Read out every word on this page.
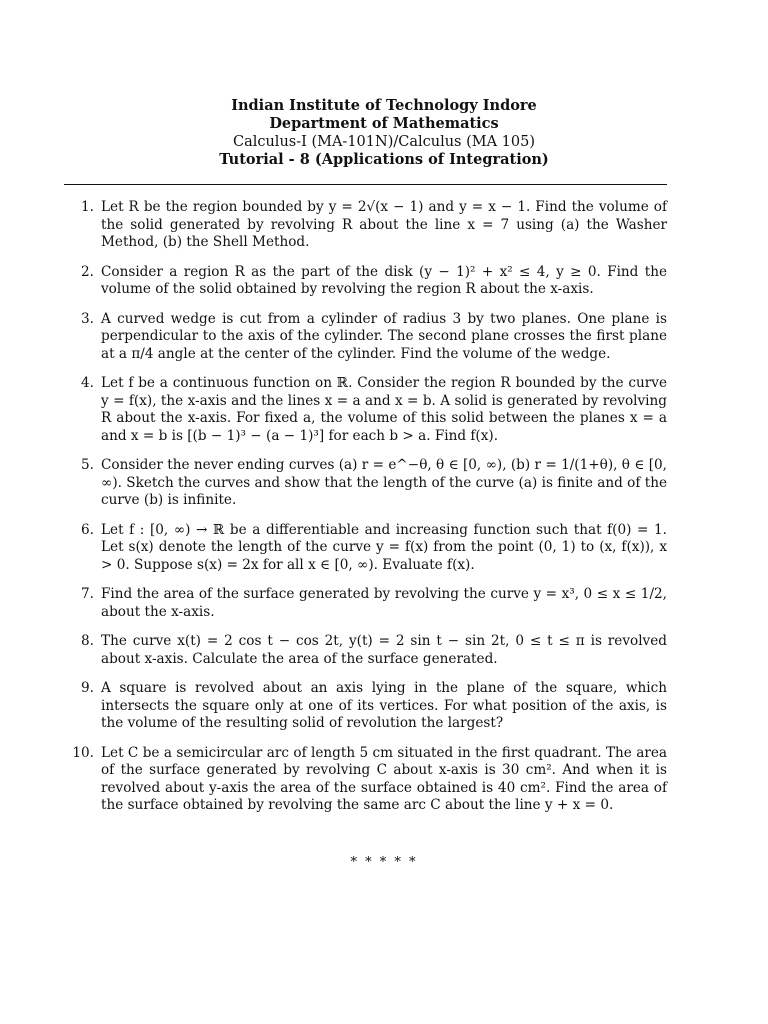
Indian Institute of Technology Indore
Department of Mathematics
Calculus-I (MA-101N)/Calculus (MA 105)
Tutorial - 8 (Applications of Integration)
1. Let R be the region bounded by y = 2√(x − 1) and y = x − 1. Find the volume of the solid generated by revolving R about the line x = 7 using (a) the Washer Method, (b) the Shell Method.
2. Consider a region R as the part of the disk (y − 1)² + x² ≤ 4, y ≥ 0. Find the volume of the solid obtained by revolving the region R about the x-axis.
3. A curved wedge is cut from a cylinder of radius 3 by two planes. One plane is perpendicular to the axis of the cylinder. The second plane crosses the first plane at a π/4 angle at the center of the cylinder. Find the volume of the wedge.
4. Let f be a continuous function on ℝ. Consider the region R bounded by the curve y = f(x), the x-axis and the lines x = a and x = b. A solid is generated by revolving R about the x-axis. For fixed a, the volume of this solid between the planes x = a and x = b is [(b − 1)³ − (a − 1)³] for each b > a. Find f(x).
5. Consider the never ending curves (a) r = e^−θ, θ ∈ [0, ∞), (b) r = 1/(1+θ), θ ∈ [0, ∞). Sketch the curves and show that the length of the curve (a) is finite and of the curve (b) is infinite.
6. Let f : [0, ∞) → ℝ be a differentiable and increasing function such that f(0) = 1. Let s(x) denote the length of the curve y = f(x) from the point (0, 1) to (x, f(x)), x > 0. Suppose s(x) = 2x for all x ∈ [0, ∞). Evaluate f(x).
7. Find the area of the surface generated by revolving the curve y = x³, 0 ≤ x ≤ 1/2, about the x-axis.
8. The curve x(t) = 2 cos t − cos 2t, y(t) = 2 sin t − sin 2t, 0 ≤ t ≤ π is revolved about x-axis. Calculate the area of the surface generated.
9. A square is revolved about an axis lying in the plane of the square, which intersects the square only at one of its vertices. For what position of the axis, is the volume of the resulting solid of revolution the largest?
10. Let C be a semicircular arc of length 5 cm situated in the first quadrant. The area of the surface generated by revolving C about x-axis is 30 cm². And when it is revolved about y-axis the area of the surface obtained is 40 cm². Find the area of the surface obtained by revolving the same arc C about the line y + x = 0.
* * * * *
